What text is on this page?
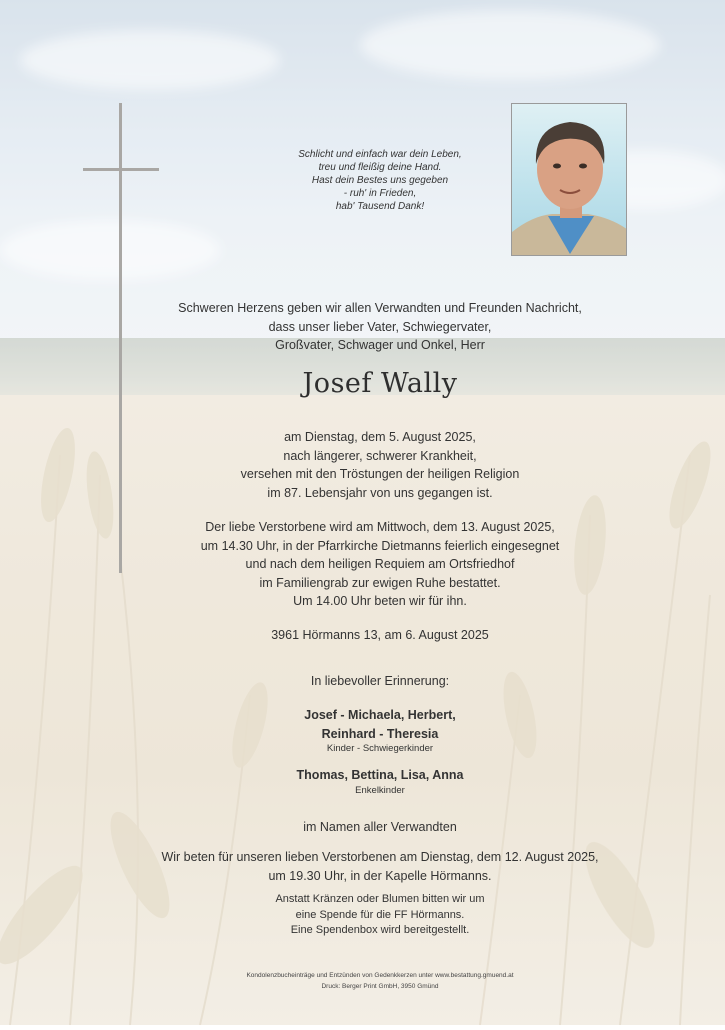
Schlicht und einfach war dein Leben,
treu und fleißig deine Hand.
Hast dein Bestes uns gegeben
- ruh' in Frieden,
hab' Tausend Dank!
Schweren Herzens geben wir allen Verwandten und Freunden Nachricht,
dass unser lieber Vater, Schwiegervater,
Großvater, Schwager und Onkel, Herr
Josef Wally
am Dienstag, dem 5. August 2025,
nach längerer, schwerer Krankheit,
versehen mit den Tröstungen der heiligen Religion
im 87. Lebensjahr von uns gegangen ist.
Der liebe Verstorbene wird am Mittwoch, dem 13. August 2025,
um 14.30 Uhr, in der Pfarrkirche Dietmanns feierlich eingesegnet
und nach dem heiligen Requiem am Ortsfriedhof
im Familiengrab zur ewigen Ruhe bestattet.
Um 14.00 Uhr beten wir für ihn.
3961 Hörmanns 13, am 6. August 2025
In liebevoller Erinnerung:
Josef - Michaela, Herbert,
Reinhard - Theresia
Kinder - Schwiegerkinder
Thomas, Bettina, Lisa, Anna
Enkelkinder
im Namen aller Verwandten
Wir beten für unseren lieben Verstorbenen am Dienstag, dem 12. August 2025,
um 19.30 Uhr, in der Kapelle Hörmanns.
Anstatt Kränzen oder Blumen bitten wir um
eine Spende für die FF Hörmanns.
Eine Spendenbox wird bereitgestellt.
Kondolenzbucheinträge und Entzünden von Gedenkkerzen unter www.bestattung.gmuend.at
Druck: Berger Print GmbH, 3950 Gmünd
